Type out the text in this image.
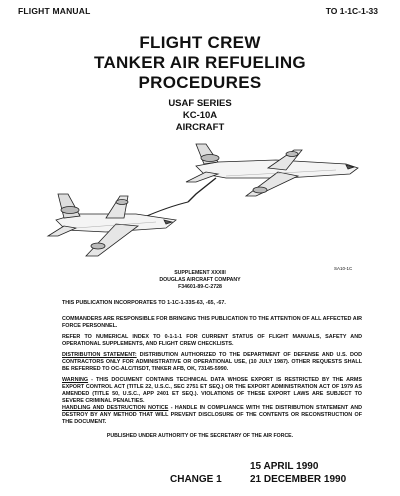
FLIGHT MANUAL	TO 1-1C-1-33
FLIGHT CREW
TANKER AIR REFUELING
PROCEDURES
USAF SERIES
KC-10A
AIRCRAFT
SA10-1C
SUPPLEMENT XXXIII
DOUGLAS AIRCRAFT COMPANY
F34601-89-C-2728
THIS PUBLICATION INCORPORATES TO 1-1C-1-33S-63, -65, -67.
COMMANDERS ARE RESPONSIBLE FOR BRINGING THIS PUBLICATION TO THE ATTENTION OF ALL AFFECTED AIR FORCE PERSONNEL.
REFER TO NUMERICAL INDEX TO 0-1-1-1 FOR CURRENT STATUS OF FLIGHT MANUALS, SAFETY AND OPERATIONAL SUPPLEMENTS, AND FLIGHT CREW CHECKLISTS.
DISTRIBUTION STATEMENT: DISTRIBUTION AUTHORIZED TO THE DEPARTMENT OF DEFENSE AND U.S. DOD CONTRACTORS ONLY FOR ADMINISTRATIVE OR OPERATIONAL USE, (10 JULY 1987). OTHER REQUESTS SHALL BE REFERRED TO OC-ALC/TISDT, TINKER AFB, OK, 73145-5990.
WARNING - THIS DOCUMENT CONTAINS TECHNICAL DATA WHOSE EXPORT IS RESTRICTED BY THE ARMS EXPORT CONTROL ACT (TITLE 22, U.S.C., SEC 2751 ET SEQ.) OR THE EXPORT ADMINISTRATION ACT OF 1979 AS AMENDED (TITLE 50, U.S.C., APP 2401 ET SEQ.). VIOLATIONS OF THESE EXPORT LAWS ARE SUBJECT TO SEVERE CRIMINAL PENALTIES.
HANDLING AND DESTRUCTION NOTICE - HANDLE IN COMPLIANCE WITH THE DISTRIBUTION STATEMENT AND DESTROY BY ANY METHOD THAT WILL PREVENT DISCLOSURE OF THE CONTENTS OR RECONSTRUCTION OF THE DOCUMENT.
PUBLISHED UNDER AUTHORITY OF THE SECRETARY OF THE AIR FORCE.
15 APRIL 1990
CHANGE 1	21 DECEMBER 1990
